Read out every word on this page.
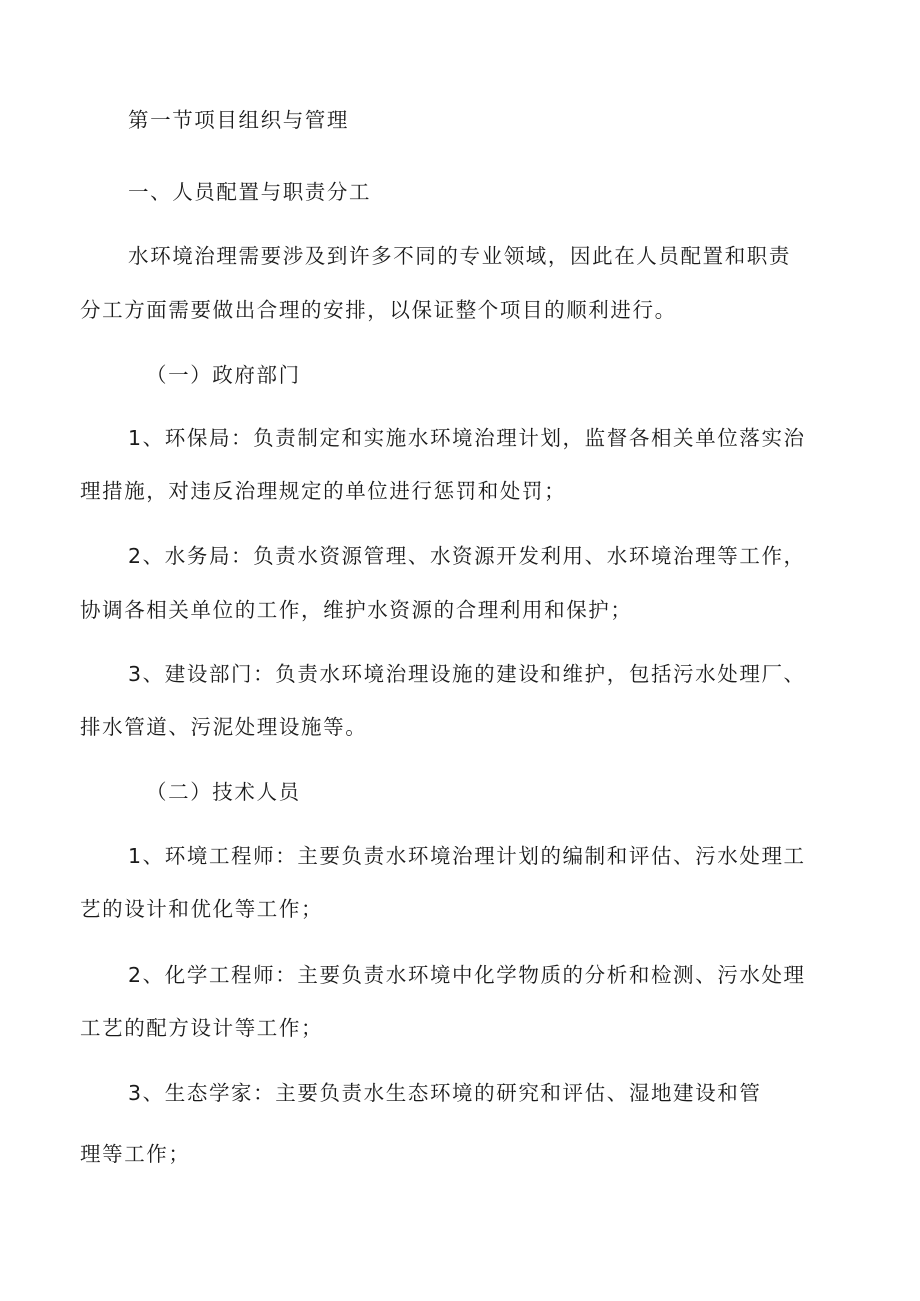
第一节项目组织与管理

一、人员配置与职责分工

水环境治理需要涉及到许多不同的专业领域，因此在人员配置和职责

分工方面需要做出合理的安排，以保证整个项目的顺利进行。

（一）政府部门

1、环保局：负责制定和实施水环境治理计划，监督各相关单位落实治

理措施，对违反治理规定的单位进行惩罚和处罚；

2、水务局：负责水资源管理、水资源开发利用、水环境治理等工作，

协调各相关单位的工作，维护水资源的合理利用和保护；

3、建设部门：负责水环境治理设施的建设和维护，包括污水处理厂、

排水管道、污泥处理设施等。

（二）技术人员

1、环境工程师：主要负责水环境治理计划的编制和评估、污水处理工

艺的设计和优化等工作；

2、化学工程师：主要负责水环境中化学物质的分析和检测、污水处理

工艺的配方设计等工作；

3、生态学家：主要负责水生态环境的研究和评估、湿地建设和管

理等工作；
